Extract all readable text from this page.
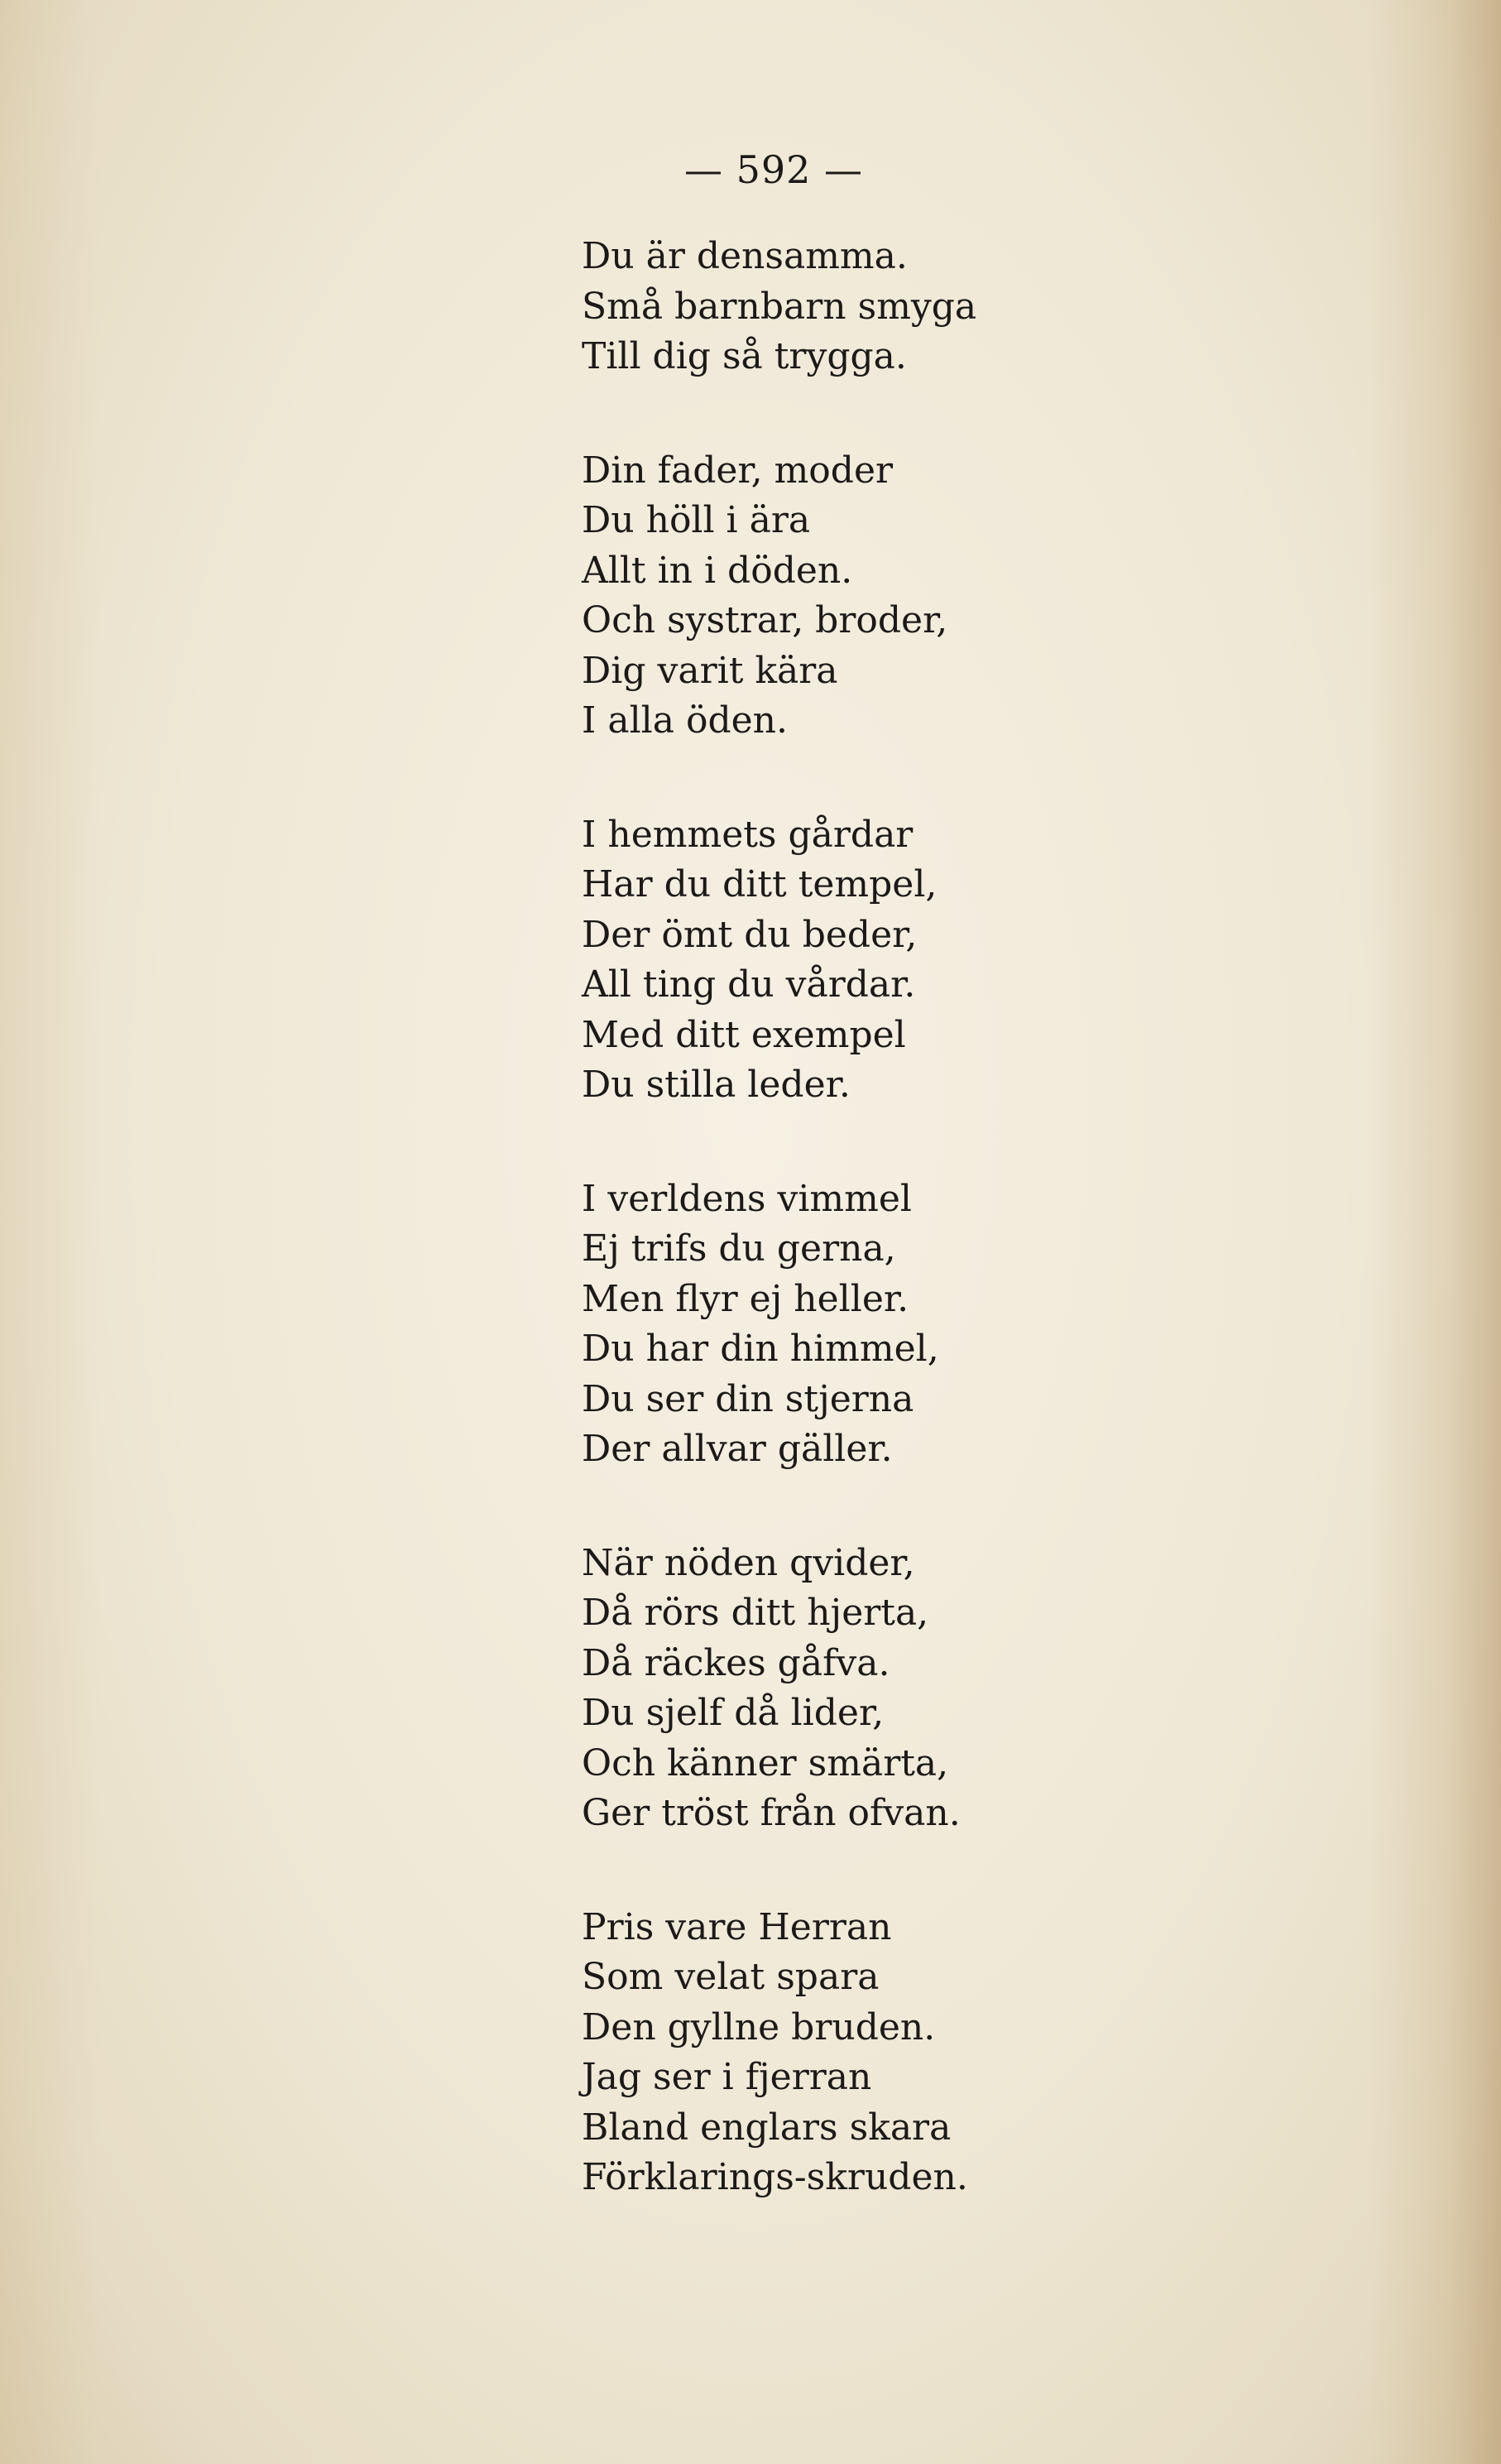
— 592 —
Du är densamma.
Små barnbarn smyga
Till dig så trygga.
Din fader, moder
Du höll i ära
Allt in i döden.
Och systrar, broder,
Dig varit kära
I alla öden.
I hemmets gårdar
Har du ditt tempel,
Der ömt du beder,
All ting du vårdar.
Med ditt exempel
Du stilla leder.
I verldens vimmel
Ej trifs du gerna,
Men flyr ej heller.
Du har din himmel,
Du ser din stjerna
Der allvar gäller.
När nöden qvider,
Då rörs ditt hjerta,
Då räckes gåfva.
Du sjelf då lider,
Och känner smärta,
Ger tröst från ofvan.
Pris vare Herran
Som velat spara
Den gyllne bruden.
Jag ser i fjerran
Bland englars skara
Förklarings-skruden.
